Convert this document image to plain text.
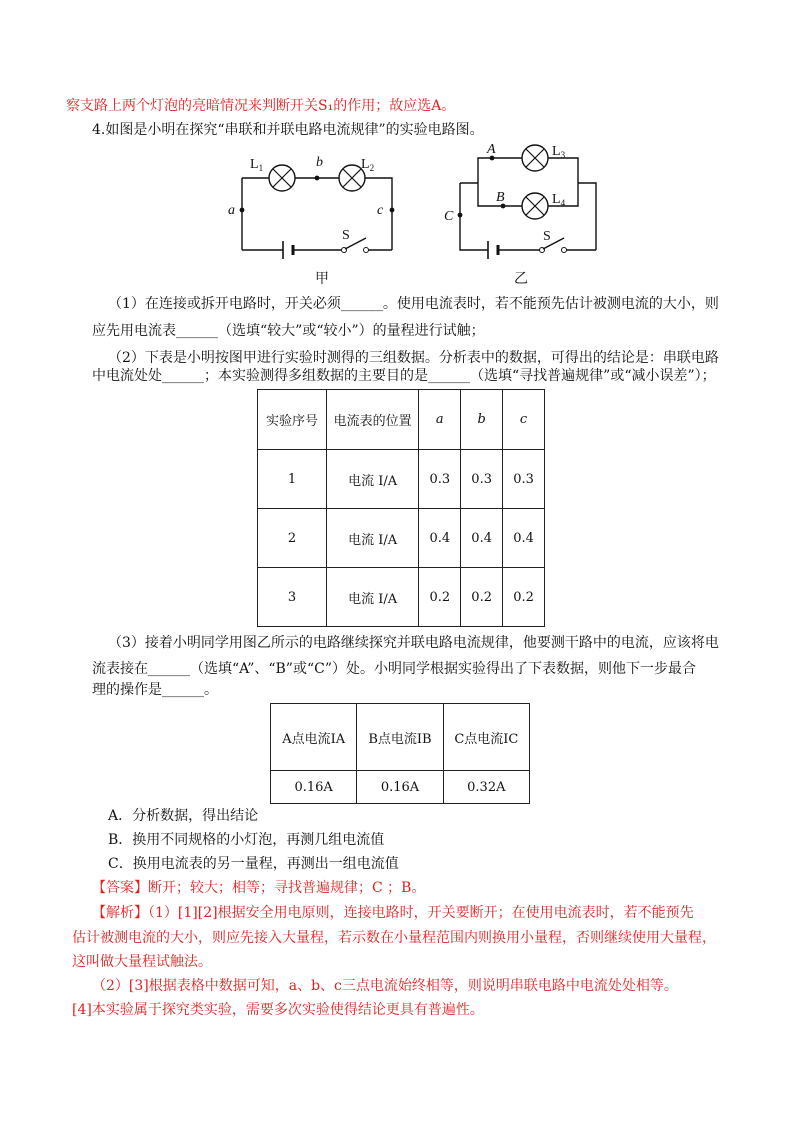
察支路上两个灯泡的亮暗情况来判断开关S₁的作用；故应选A。
4.如图是小明在探究“串联和并联电路电流规律”的实验电路图。
$L_1$	$L_2$
b
a	c
S
甲
A
B
C
$L_3$
$L_4$
S
乙
（1）在连接或拆开电路时，开关必须______。使用电流表时，若不能预先估计被测电流的大小，则
应先用电流表______（选填“较大”或“较小”）的量程进行试触；
（2）下表是小明按图甲进行实验时测得的三组数据。分析表中的数据，可得出的结论是：串联电路
中电流处处______；本实验测得多组数据的主要目的是______（选填“寻找普遍规律”或“减小误差”）；
实验序号	电流表的位置	a	b	c
1	电流 I/A	0.3	0.3	0.3
2	电流 I/A	0.4	0.4	0.4
3	电流 I/A	0.2	0.2	0.2
（3）接着小明同学用图乙所示的电路继续探究并联电路电流规律，他要测干路中的电流，应该将电
流表接在______（选填“A”、“B”或“C”）处。小明同学根据实验得出了下表数据，则他下一步最合
理的操作是______。
A点电流IA	B点电流IB	C点电流IC
0.16A	0.16A	0.32A
A．分析数据，得出结论
B．换用不同规格的小灯泡，再测几组电流值
C．换用电流表的另一量程，再测出一组电流值
【答案】断开；较大；相等；寻找普遍规律；C ；B。
【解析】（1）[1][2]根据安全用电原则，连接电路时，开关要断开；在使用电流表时，若不能预先
估计被测电流的大小，则应先接入大量程，若示数在小量程范围内则换用小量程，否则继续使用大量程，
这叫做大量程试触法。
（2）[3]根据表格中数据可知，a、b、c三点电流始终相等，则说明串联电路中电流处处相等。
[4]本实验属于探究类实验，需要多次实验使得结论更具有普遍性。
